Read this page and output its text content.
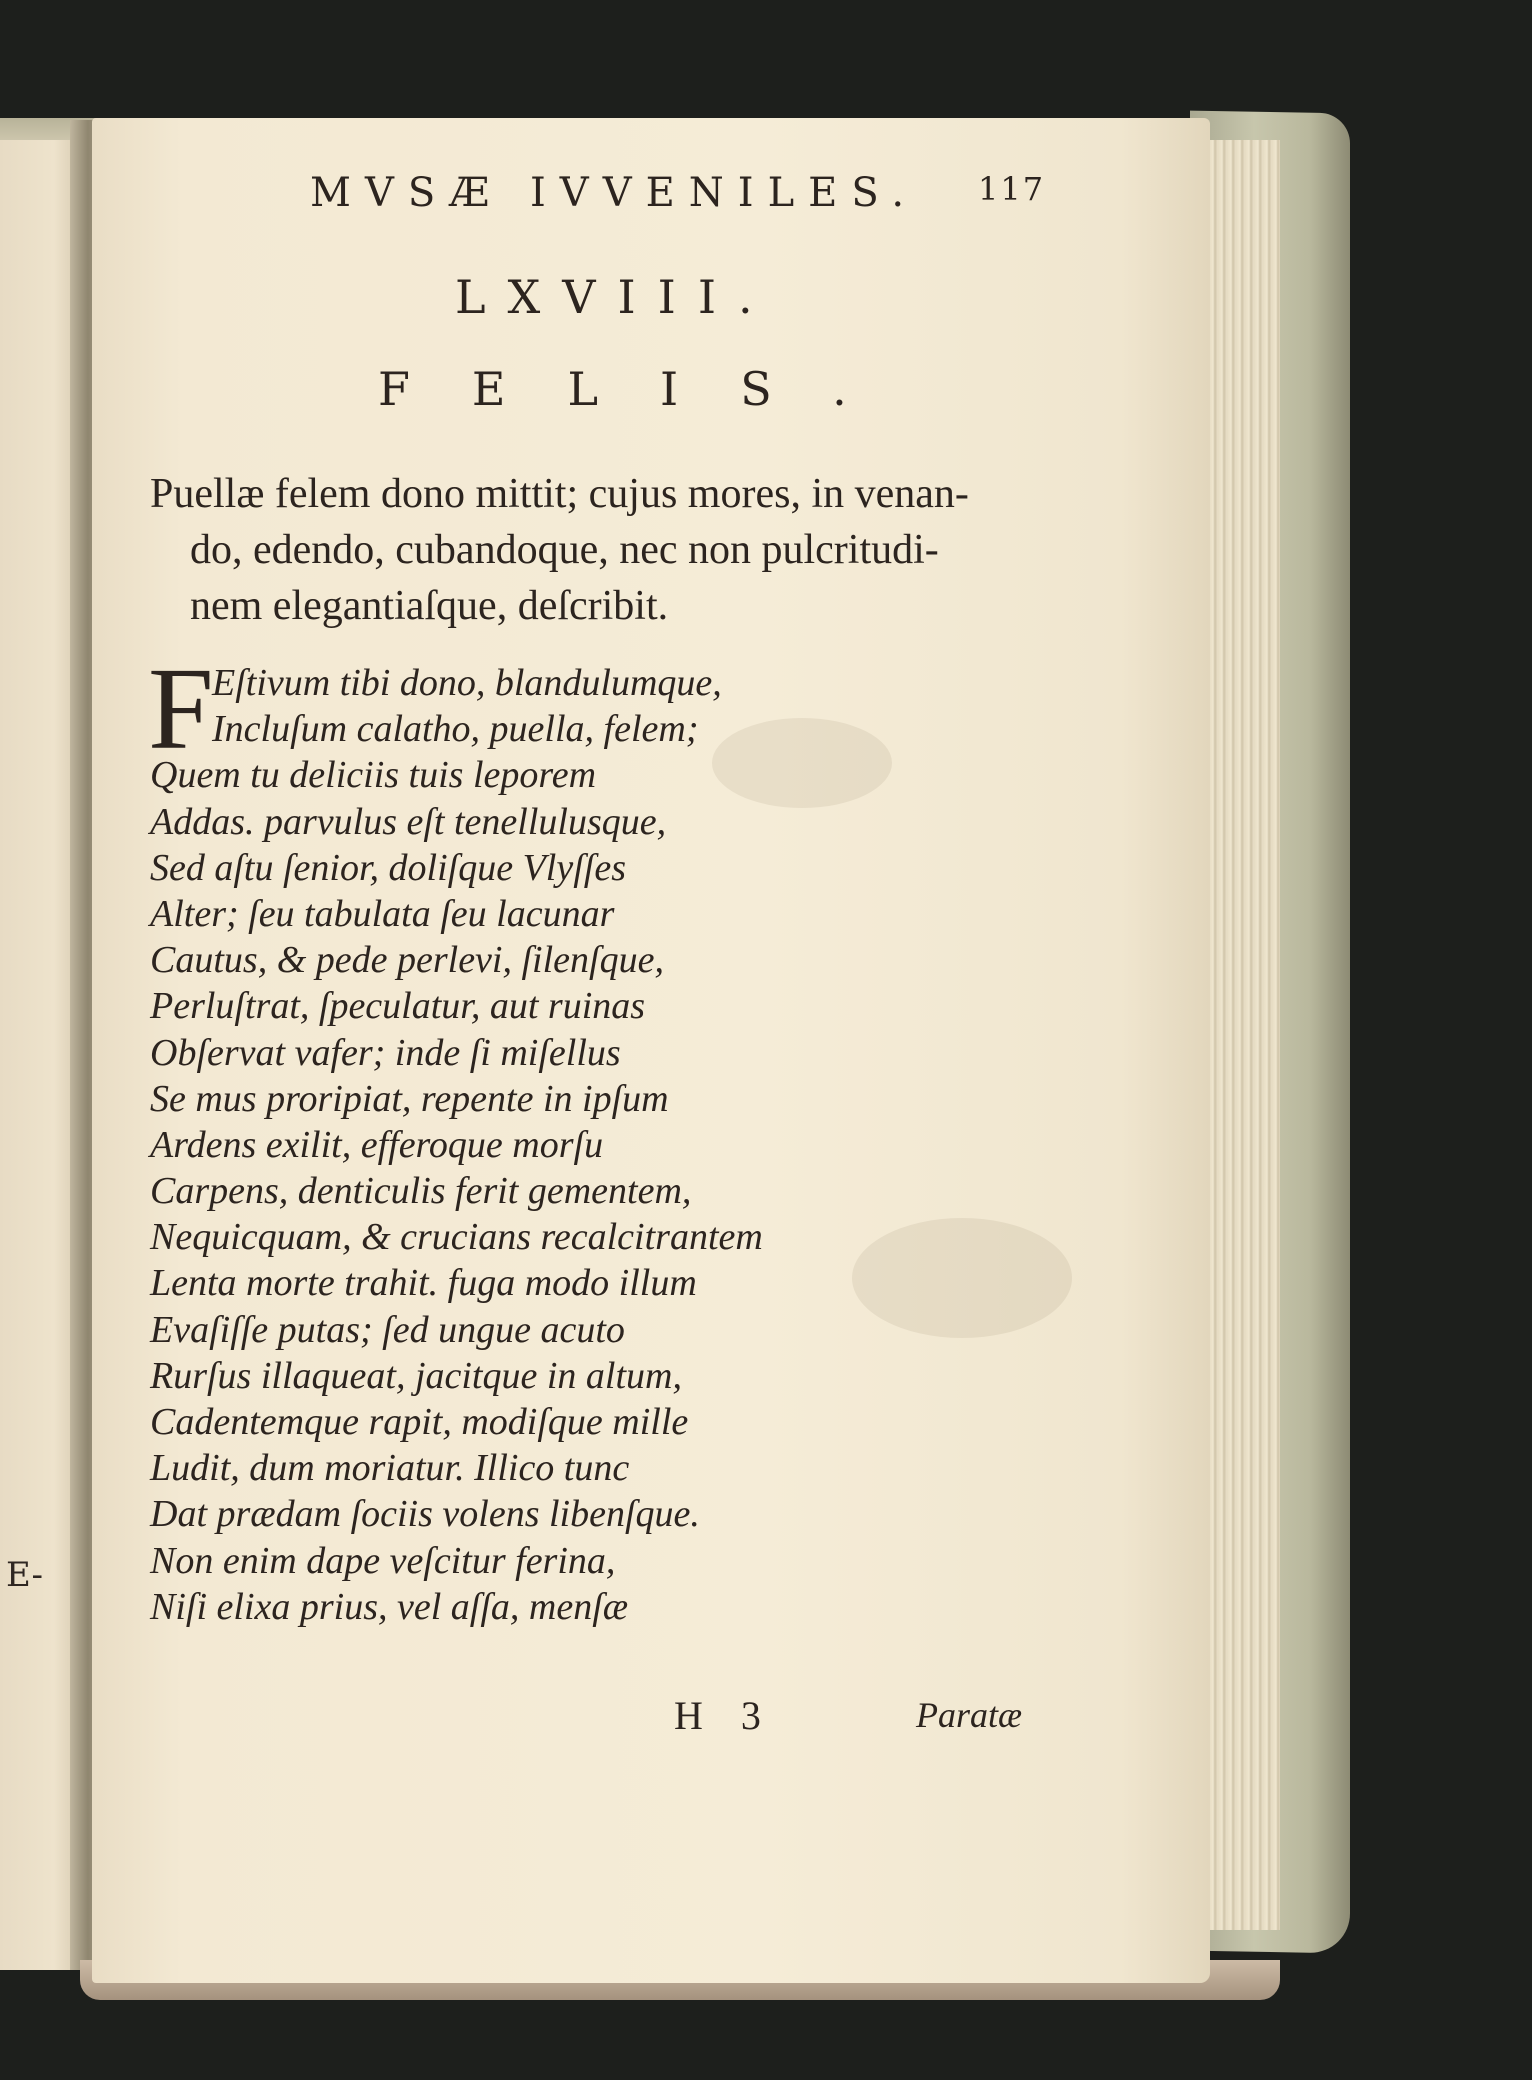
E-
MVSÆ IVVENILES. 117
LXVIII.
FELIS.
Puellæ felem dono mittit; cujus mores, in venan-
do, edendo, cubandoque, nec non pulcritudi-
nem elegantiaſque, deſcribit.
F
Eſtivum tibi dono, blandulumque,
Incluſum calatho, puella, felem;
Quem tu deliciis tuis leporem
Addas. parvulus eſt tenellulusque,
Sed aſtu ſenior, doliſque Vlyſſes
Alter; ſeu tabulata ſeu lacunar
Cautus, & pede perlevi, ſilenſque,
Perluſtrat, ſpeculatur, aut ruinas
Obſervat vafer; inde ſi miſellus
Se mus proripiat, repente in ipſum
Ardens exilit, efferoque morſu
Carpens, denticulis ferit gementem,
Nequicquam, & crucians recalcitrantem
Lenta morte trahit. fuga modo illum
Evaſiſſe putas; ſed ungue acuto
Rurſus illaqueat, jacitque in altum,
Cadentemque rapit, modiſque mille
Ludit, dum moriatur. Illico tunc
Dat prædam ſociis volens libenſque.
Non enim dape veſcitur ferina,
Niſi elixa prius, vel aſſa, menſæ
H 3	Paratæ
